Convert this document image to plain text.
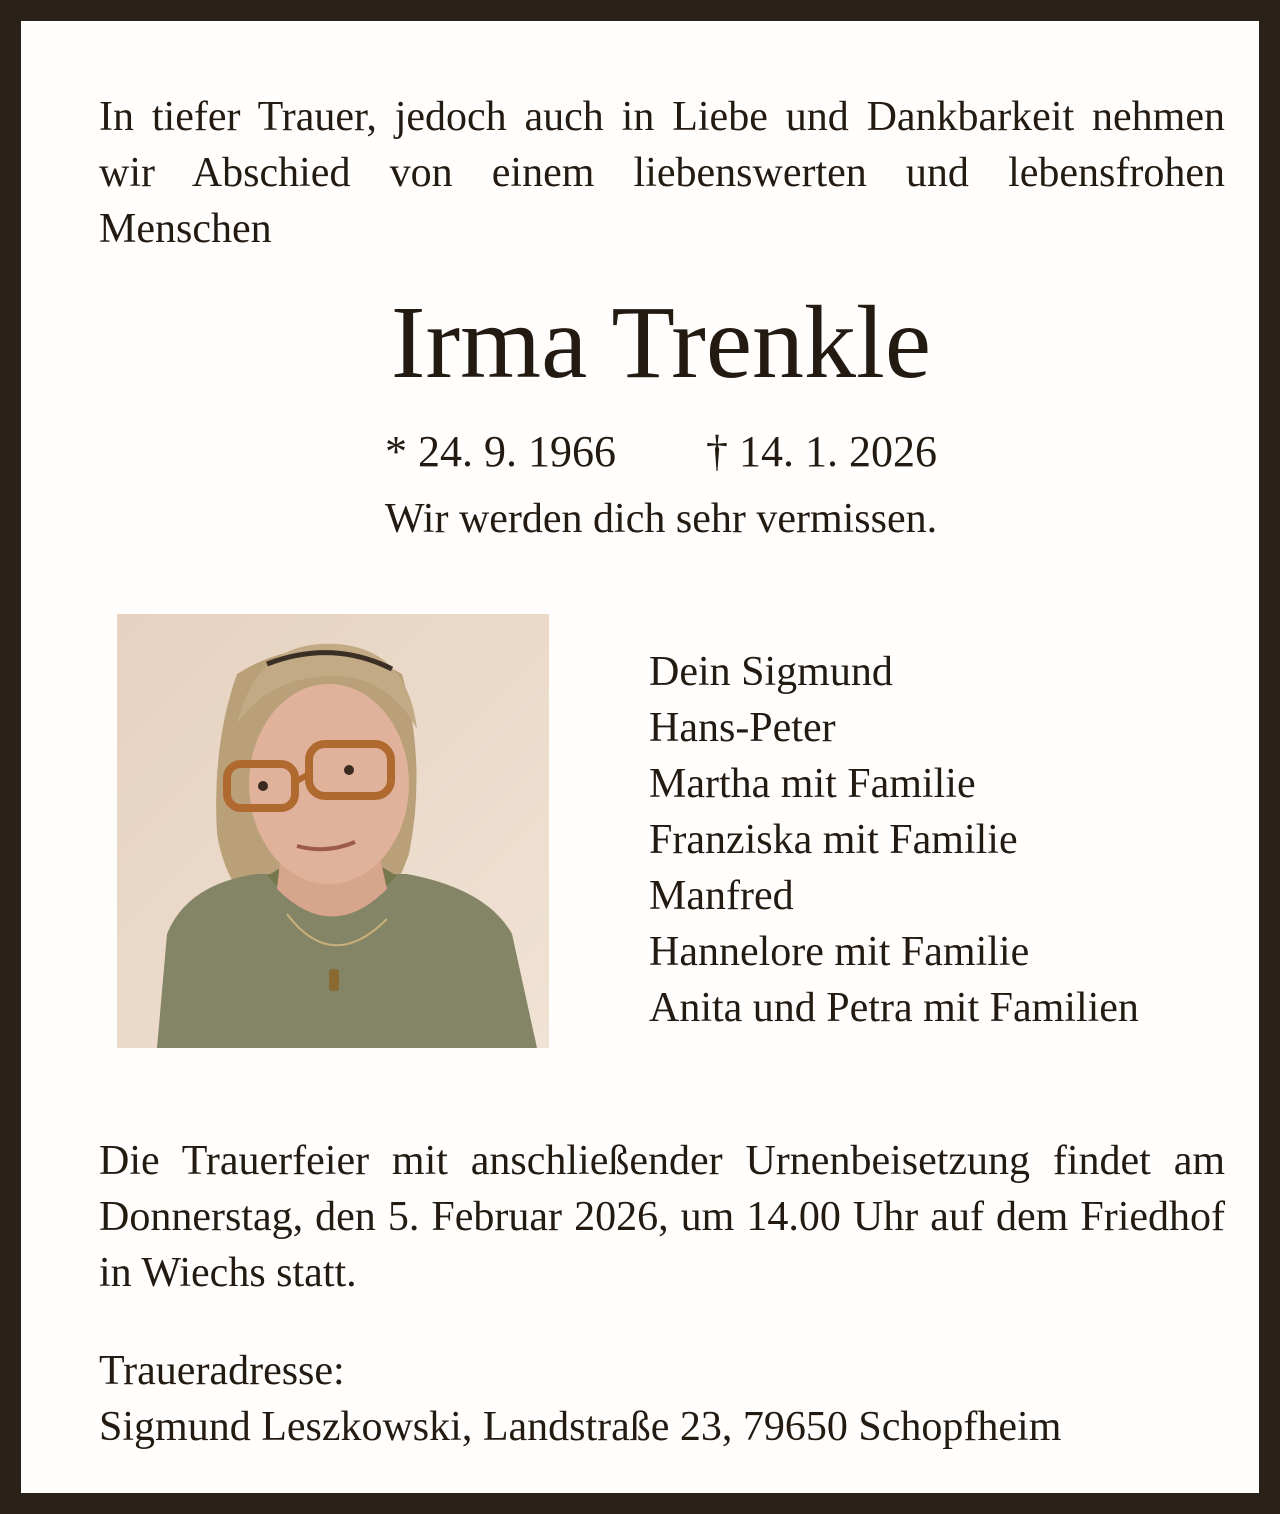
In tiefer Trauer, jedoch auch in Liebe und Dankbarkeit nehmen wir Abschied von einem liebenswerten und lebensfrohen Menschen

Irma Trenkle
* 24. 9. 1966 † 14. 1. 2026
Wir werden dich sehr vermissen.
Dein Sigmund
Hans-Peter
Martha mit Familie
Franziska mit Familie
Manfred
Hannelore mit Familie
Anita und Petra mit Familien

Die Trauerfeier mit anschließender Urnenbeisetzung findet am Donnerstag, den 5. Februar 2026, um 14.00 Uhr auf dem Friedhof in Wiechs statt.

Traueradresse:
Sigmund Leszkowski, Landstraße 23, 79650 Schopfheim
